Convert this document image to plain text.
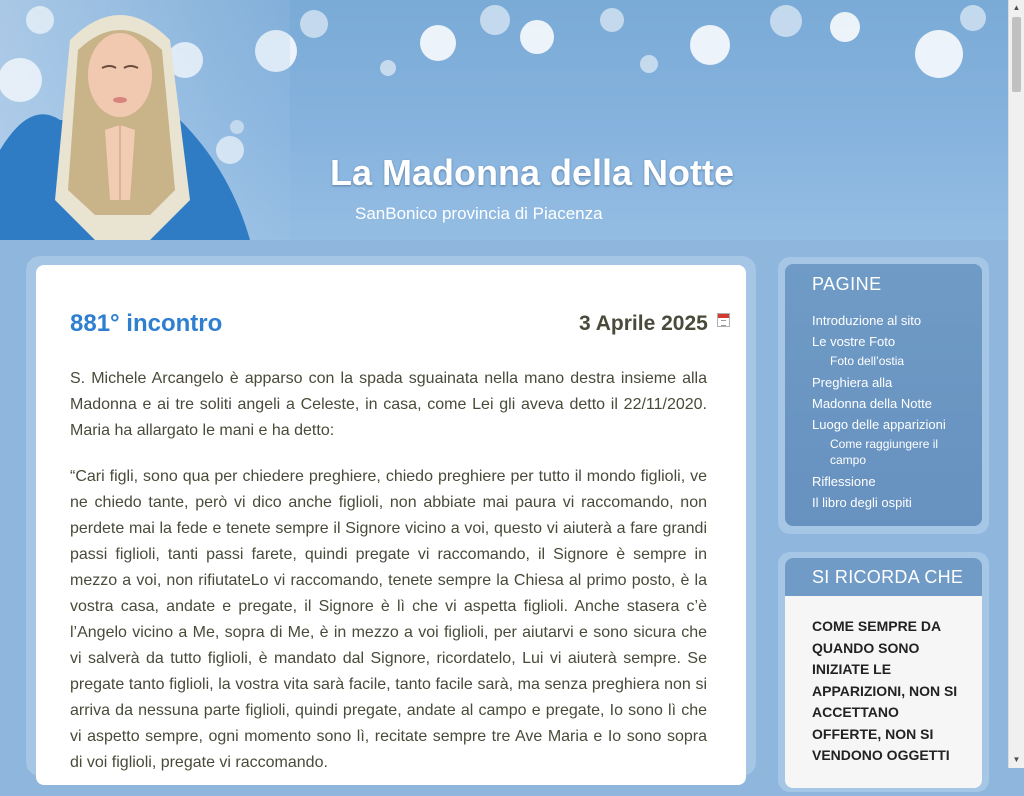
La Madonna della Notte

SanBonico provincia di Piacenza

881° incontro	3 Aprile 2025

S. Michele Arcangelo è apparso con la spada sguainata nella mano destra insieme alla Madonna e ai tre soliti angeli a Celeste, in casa, come Lei gli aveva detto il 22/11/2020. Maria ha allargato le mani e ha detto:

“Cari figli, sono qua per chiedere preghiere, chiedo preghiere per tutto il mondo figlioli, ve ne chiedo tante, però vi dico anche figlioli, non abbiate mai paura vi raccomando, non perdete mai la fede e tenete sempre il Signore vicino a voi, questo vi aiuterà a fare grandi passi figlioli, tanti passi farete, quindi pregate vi raccomando, il Signore è sempre in mezzo a voi, non rifiutateLo vi raccomando, tenete sempre la Chiesa al primo posto, è la vostra casa, andate e pregate, il Signore è lì che vi aspetta figlioli. Anche stasera c’è l’Angelo vicino a Me, sopra di Me, è in mezzo a voi figlioli, per aiutarvi e sono sicura che vi salverà da tutto figlioli, è mandato dal Signore, ricordatelo, Lui vi aiuterà sempre. Se pregate tanto figlioli, la vostra vita sarà facile, tanto facile sarà, ma senza preghiera non si arriva da nessuna parte figlioli, quindi pregate, andate al campo e pregate, Io sono lì che vi aspetto sempre, ogni momento sono lì, recitate sempre tre Ave Maria e Io sono sopra di voi figlioli, pregate vi raccomando.

PAGINE
Introduzione al sito
Le vostre Foto
Foto dell’ostia
Preghiera alla
Madonna della Notte
Luogo delle apparizioni
Come raggiungere il campo
Riflessione
Il libro degli ospiti
SI RICORDA CHE

COME SEMPRE DA QUANDO SONO INIZIATE LE APPARIZIONI, NON SI ACCETTANO OFFERTE, NON SI VENDONO OGGETTI

▲
▼
